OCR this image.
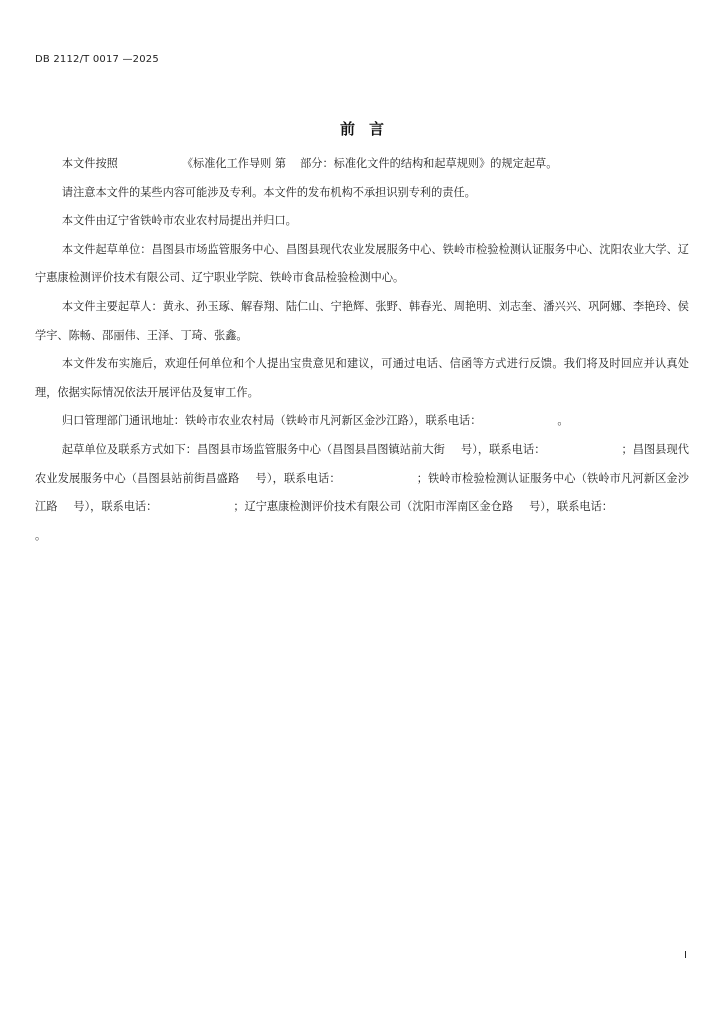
DB 2112/T 0017 —2025
前言

本文件按照	《标准化工作导则 第 部分：标准化文件的结构和起草规则》的规定起草。

请注意本文件的某些内容可能涉及专利。本文件的发布机构不承担识别专利的责任。

本文件由辽宁省铁岭市农业农村局提出并归口。

本文件起草单位：昌图县市场监管服务中心、昌图县现代农业发展服务中心、铁岭市检验检测认证服务中心、沈阳农业大学、辽宁惠康检测评价技术有限公司、辽宁职业学院、铁岭市食品检验检测中心。

本文件主要起草人：黄永、孙玉琢、解春翔、陆仁山、宁艳辉、张野、韩春光、周艳明、刘志奎、潘兴兴、巩阿娜、李艳玲、侯学宇、陈畅、邵丽伟、王泽、丁琦、张鑫。

本文件发布实施后，欢迎任何单位和个人提出宝贵意见和建议，可通过电话、信函等方式进行反馈。我们将及时回应并认真处理，依据实际情况依法开展评估及复审工作。

归口管理部门通讯地址：铁岭市农业农村局（铁岭市凡河新区金沙江路），联系电话：	。

起草单位及联系方式如下：昌图县市场监管服务中心（昌图县昌图镇站前大街 号），联系电话：	；昌图县现代农业发展服务中心（昌图县站前街昌盛路 号），联系电话：	；铁岭市检验检测认证服务中心（铁岭市凡河新区金沙江路 号），联系电话：	；辽宁惠康检测评价技术有限公司（沈阳市浑南区金仓路 号），联系电话：。

I
